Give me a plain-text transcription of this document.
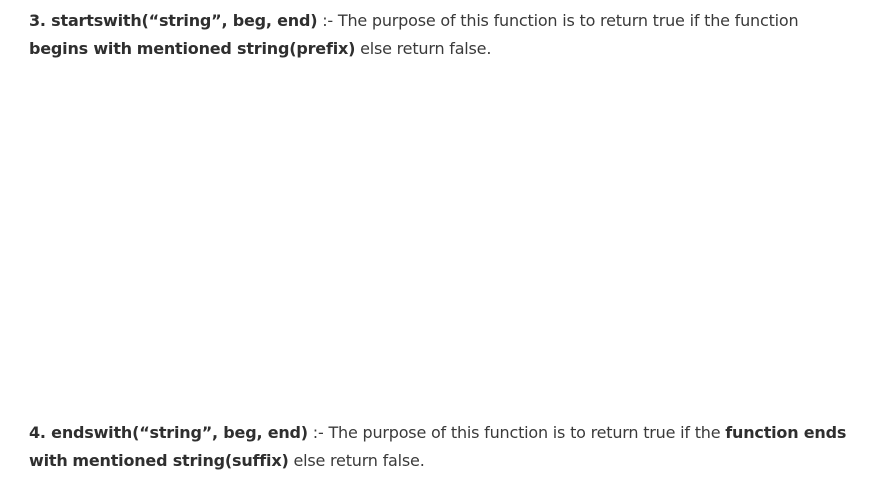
3. startswith(“string”, beg, end) :- The purpose of this function is to return true if the function begins with mentioned string(prefix) else return false.
4. endswith(“string”, beg, end) :- The purpose of this function is to return true if the function ends with mentioned string(suffix) else return false.
